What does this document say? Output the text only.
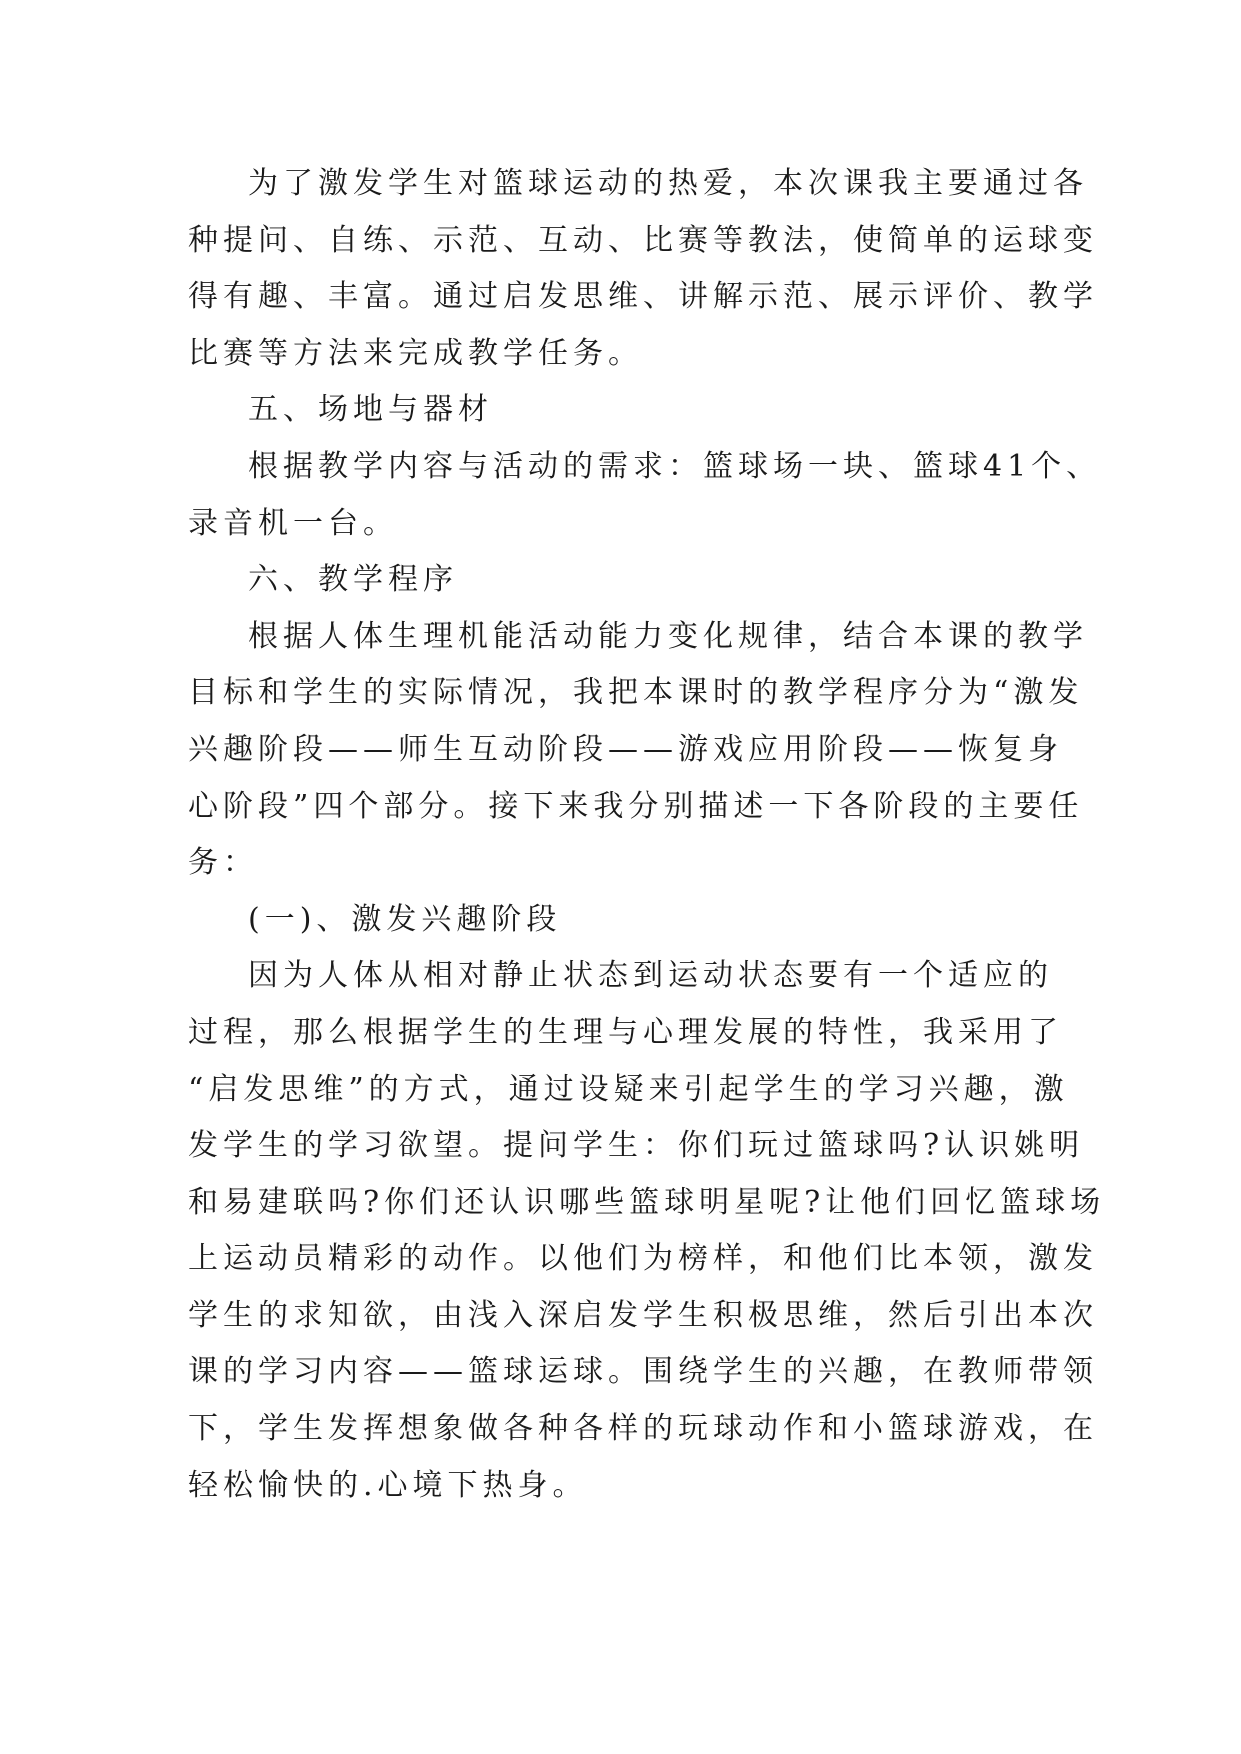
为了激发学生对篮球运动的热爱，本次课我主要通过各
种提问、自练、示范、互动、比赛等教法，使简单的运球变
得有趣、丰富。通过启发思维、讲解示范、展示评价、教学
比赛等方法来完成教学任务。

五、场地与器材

根据教学内容与活动的需求：篮球场一块、篮球41个、
录音机一台。

六、教学程序

根据人体生理机能活动能力变化规律，结合本课的教学
目标和学生的实际情况，我把本课时的教学程序分为“激发
兴趣阶段——师生互动阶段——游戏应用阶段——恢复身
心阶段”四个部分。接下来我分别描述一下各阶段的主要任
务：

(一)、激发兴趣阶段

因为人体从相对静止状态到运动状态要有一个适应的
过程，那么根据学生的生理与心理发展的特性，我采用了
“启发思维”的方式，通过设疑来引起学生的学习兴趣，激
发学生的学习欲望。提问学生：你们玩过篮球吗?认识姚明
和易建联吗?你们还认识哪些篮球明星呢?让他们回忆篮球场
上运动员精彩的动作。以他们为榜样，和他们比本领，激发
学生的求知欲，由浅入深启发学生积极思维，然后引出本次
课的学习内容——篮球运球。围绕学生的兴趣，在教师带领
下，学生发挥想象做各种各样的玩球动作和小篮球游戏，在
轻松愉快的.心境下热身。
